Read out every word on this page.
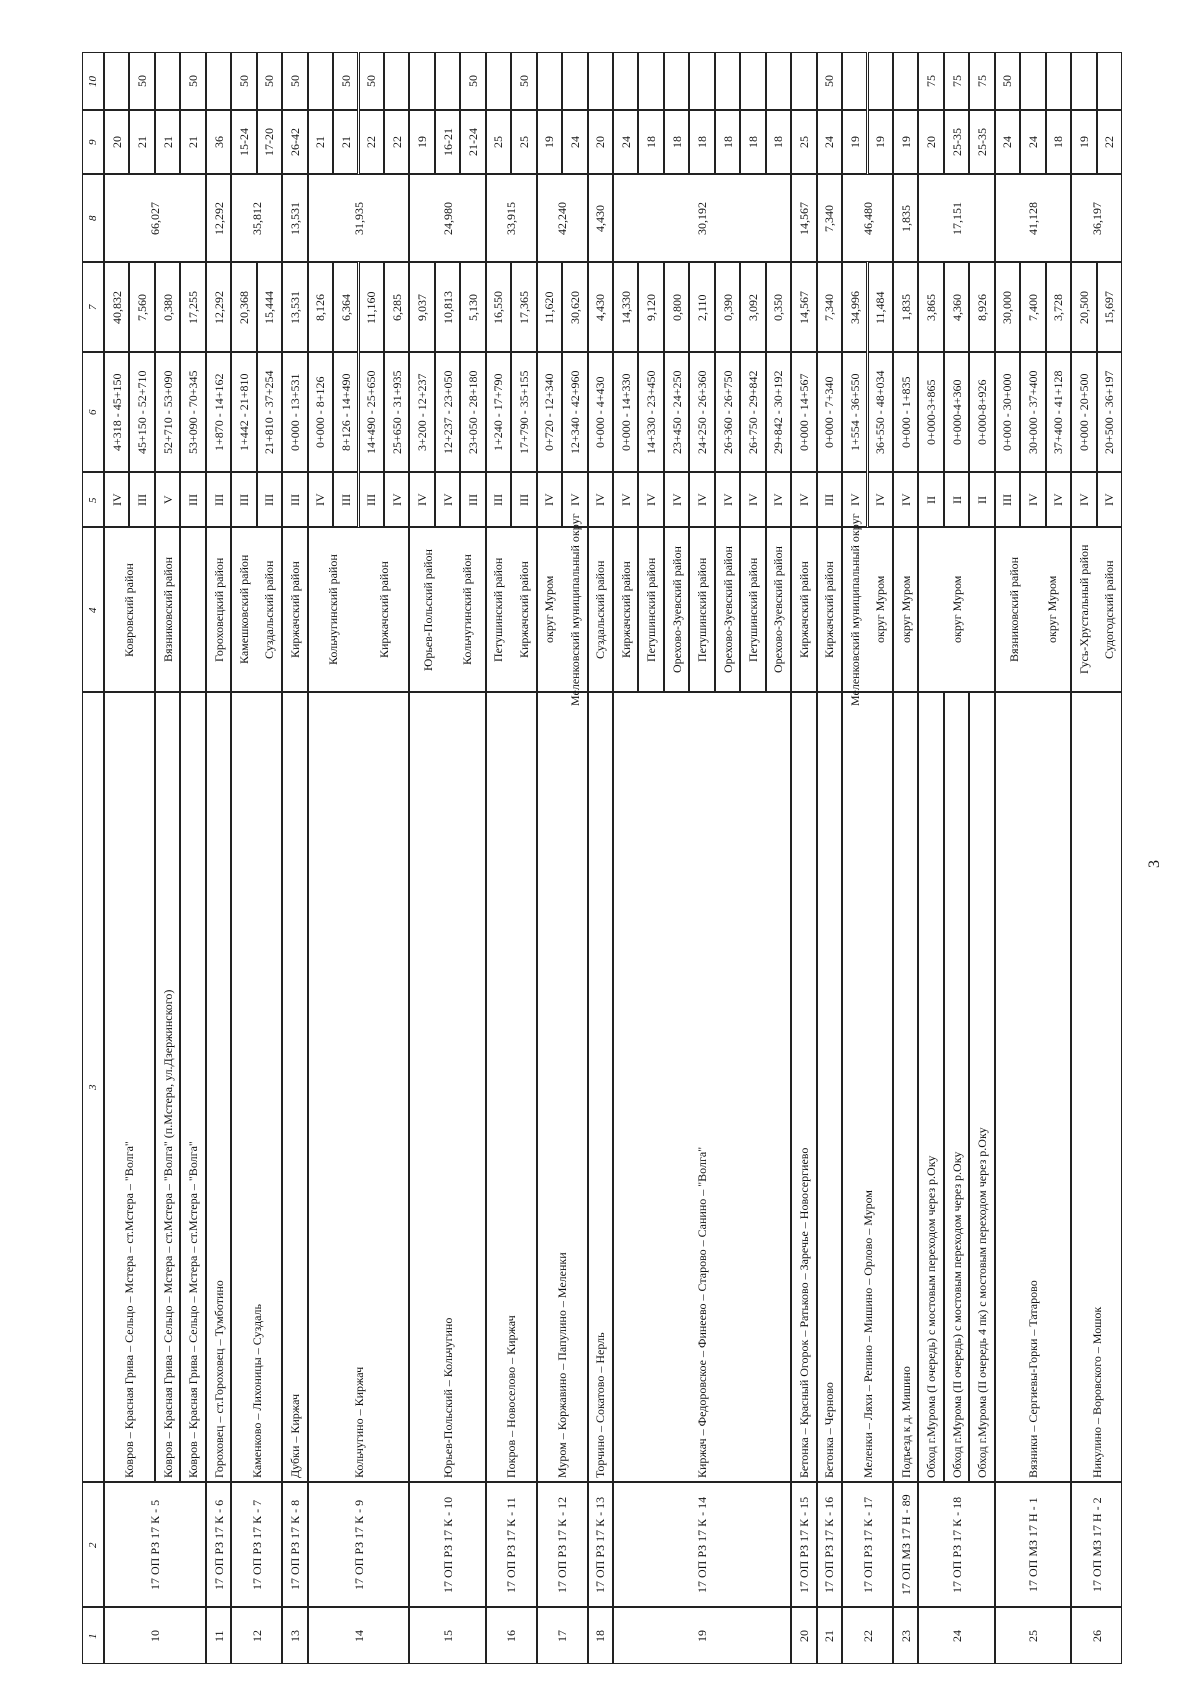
10
9
8
7
6
5
4
3
2
1	10
17 ОП РЗ 17 К - 5
66,027
Ковров – Красная Грива – Сельцо – Мстера – ст.Мстера – "Волга"
Ковровский район
IV
4+318 - 45+150
40,832
20
III
45+150 - 52+710
7,560
21
50
Ковров – Красная Грива – Сельцо – Мстера – ст.Мстера – "Волга" (п.Мстера, ул.Дзержинского)
Вязниковский район
V
52+710 - 53+090
0,380
21
Ковров – Красная Грива – Сельцо – Мстера – ст.Мстера – "Волга"
III
53+090 - 70+345
17,255
21
50
11
17 ОП РЗ 17 К - 6
12,292
Гороховец – ст.Гороховец – Тумботино
Гороховецкий район
III
1+870 - 14+162
12,292
36
12
17 ОП РЗ 17 К - 7
35,812
Каменково – Лихоницы – Суздаль
Камешковский район Суздальский район
III
1+442 - 21+810
20,368
15-24
50
III
21+810 - 37+254
15,444
17-20
50
13
17 ОП РЗ 17 К - 8
13,531
Дубки – Киржач
Киржачский район
III
0+000 - 13+531
13,531
26-42
50
14
17 ОП РЗ 17 К - 9
31,935
Кольчугино – Киржач
Кольчугинский район	Киржачский район
IV
0+000 - 8+126
8,126
21
III
8+126 - 14+490
6,364
21
50
III
14+490 - 25+650
11,160
22
50
IV
25+650 - 31+935
6,285
22
15
17 ОП РЗ 17 К - 10
24,980
Юрьев-Польский – Кольчугино
Юрьев-Польский район Кольчугинский район
IV
3+200 - 12+237
9,037
19
IV
12+237 - 23+050
10,813
16-21
III
23+050 - 28+180
5,130
21-24
50
16
17 ОП РЗ 17 К - 11
33,915
Покров – Новоселово – Киржач
Петушинский район Киржачский район
III
1+240 - 17+790
16,550
25
III
17+790 - 35+155
17,365
25
50
17
17 ОП РЗ 17 К - 12
42,240
Муром – Коржавино – Папулино – Меленки
округ Муром Меленковский муниципальный округ
IV
0+720 - 12+340
11,620
19
IV
12+340 - 42+960
30,620
24
18
17 ОП РЗ 17 К - 13
4,430
Торчино – Сокатово – Нерль
Суздальский район
IV
0+000 - 4+430
4,430
20
19
17 ОП РЗ 17 К - 14
30,192
Киржач – Федоровское – Финеево – Старово – Санино – "Волга"
Киржачский район
IV
0+000 - 14+330
14,330
24
Петушинский район
IV
14+330 - 23+450
9,120
18
Орехово-Зуевский район
IV
23+450 - 24+250
0,800
18
Петушинский район
IV
24+250 - 26+360
2,110
18
Орехово-Зуевский район
IV
26+360 - 26+750
0,390
18
Петушинский район
IV
26+750 - 29+842
3,092
18
Орехово-Зуевский район
IV
29+842 - 30+192
0,350
18
20
17 ОП РЗ 17 К - 15
14,567
Бетонка – Красный Огорок – Ратьково – Заречье – Новосергиево
Киржачский район
IV
0+000 - 14+567
14,567
25
21
17 ОП РЗ 17 К - 16
7,340
Бетонка – Черново
Киржачский район
III
0+000 - 7+340
7,340
24
50
22
17 ОП РЗ 17 К - 17
46,480
Меленки – Ляхи – Репино – Мишино – Орлово – Муром
Меленковский муниципальный округ округ Муром
IV
1+554 - 36+550
34,996
19
IV
36+550 - 48+034
11,484
19
23
17 ОП МЗ 17 Н - 89
1,835
Подъезд к д. Мишино
округ Муром
IV
0+000 - 1+835
1,835
19
24
17 ОП РЗ 17 К - 18
17,151
округ Муром
Обход г.Мурома (I очередь) с мостовым переходом через р.Оку
II
0+000-3+865
3,865
20
75
Обход г.Мурома (II очередь) с мостовым переходом через р.Оку
II
0+000-4+360
4,360
25-35
75
Обход г.Мурома (II очередь 4 пк) с мостовым переходом через р.Оку
II
0+000-8+926
8,926
25-35
75
25
17 ОП МЗ 17 Н - 1
41,128
Вязники – Сергиевы-Горки – Татарово
Вязниковский район округ Муром
III
0+000 - 30+000
30,000
24
50
IV
30+000 - 37+400
7,400
24
IV
37+400 - 41+128
3,728
18
26
17 ОП МЗ 17 Н - 2
36,197
Никулино – Воровского – Мошок
Гусь-Хрустальный район Судогодский район
IV
0+000 - 20+500
20,500
19
IV
20+500 - 36+197
15,697
22
3
